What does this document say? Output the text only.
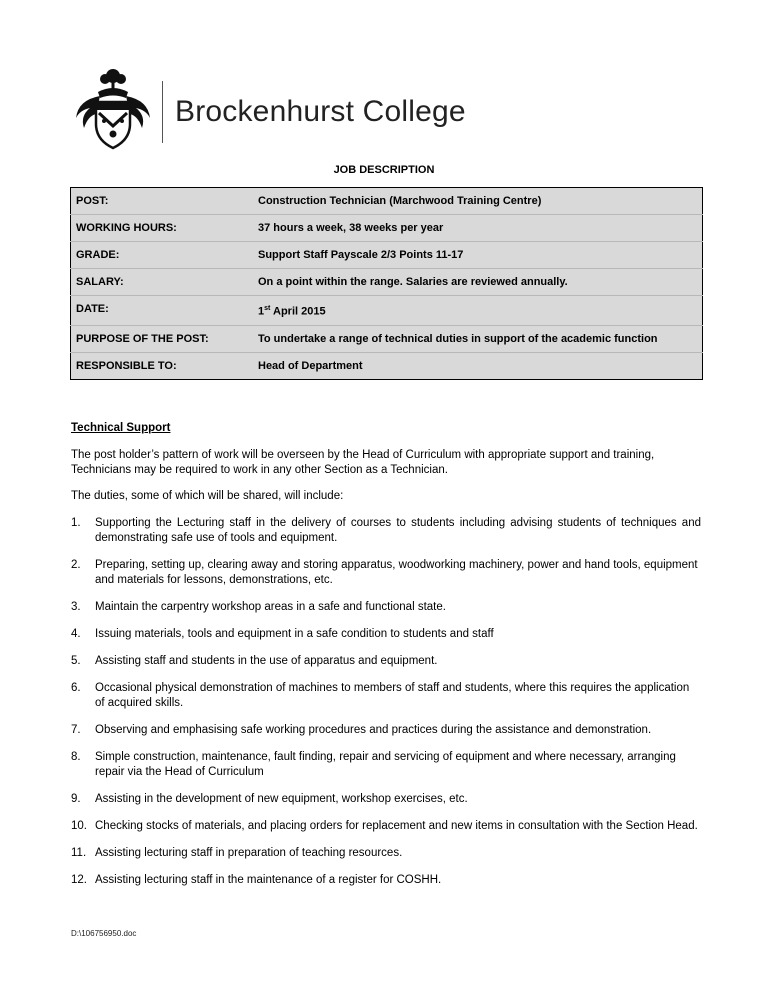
Brockenhurst College
JOB DESCRIPTION
POST:	Construction Technician (Marchwood Training Centre)
WORKING HOURS:	37 hours a week, 38 weeks per year
GRADE:	Support Staff Payscale 2/3 Points 11-17
SALARY:	On a point within the range. Salaries are reviewed annually.
DATE:	1st April 2015
PURPOSE OF THE POST:	To undertake a range of technical duties in support of the academic function
RESPONSIBLE TO:	Head of Department
Technical Support
The post holder’s pattern of work will be overseen by the Head of Curriculum with appropriate support and training, Technicians may be required to work in any other Section as a Technician.
The duties, some of which will be shared, will include:
1.	Supporting the Lecturing staff in the delivery of courses to students including advising students of techniques and demonstrating safe use of tools and equipment.
2.	Preparing, setting up, clearing away and storing apparatus, woodworking machinery, power and hand tools, equipment and materials for lessons, demonstrations, etc.
3.	Maintain the carpentry workshop areas in a safe and functional state.
4.	Issuing materials, tools and equipment in a safe condition to students and staff
5.	Assisting staff and students in the use of apparatus and equipment.
6.	Occasional physical demonstration of machines to members of staff and students, where this requires the application of acquired skills.
7.	Observing and emphasising safe working procedures and practices during the assistance and demonstration.
8.	Simple construction, maintenance, fault finding, repair and servicing of equipment and where necessary, arranging repair via the Head of Curriculum
9.	Assisting in the development of new equipment, workshop exercises, etc.
10. Checking stocks of materials, and placing orders for replacement and new items in consultation with the Section Head.
11. Assisting lecturing staff in preparation of teaching resources.
12. Assisting lecturing staff in the maintenance of a register for COSHH.
D:\106756950.doc
